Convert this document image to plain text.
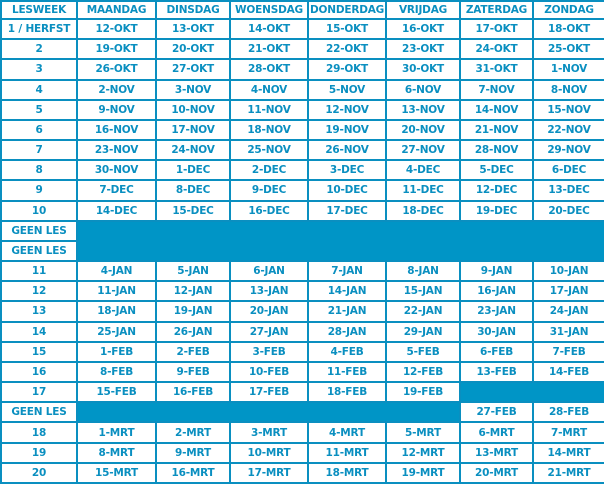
LESWEEK	MAANDAG	DINSDAG	WOENSDAG	DONDERDAG	VRIJDAG	ZATERDAG	ZONDAG
1 / HERFST	12-OKT	13-OKT	14-OKT	15-OKT	16-OKT	17-OKT	18-OKT
2	19-OKT	20-OKT	21-OKT	22-OKT	23-OKT	24-OKT	25-OKT
3	26-OKT	27-OKT	28-OKT	29-OKT	30-OKT	31-OKT	1-NOV
4	2-NOV	3-NOV	4-NOV	5-NOV	6-NOV	7-NOV	8-NOV
5	9-NOV	10-NOV	11-NOV	12-NOV	13-NOV	14-NOV	15-NOV
6	16-NOV	17-NOV	18-NOV	19-NOV	20-NOV	21-NOV	22-NOV
7	23-NOV	24-NOV	25-NOV	26-NOV	27-NOV	28-NOV	29-NOV
8	30-NOV	1-DEC	2-DEC	3-DEC	4-DEC	5-DEC	6-DEC
9	7-DEC	8-DEC	9-DEC	10-DEC	11-DEC	12-DEC	13-DEC
10	14-DEC	15-DEC	16-DEC	17-DEC	18-DEC	19-DEC	20-DEC
GEEN LES							
GEEN LES							
11	4-JAN	5-JAN	6-JAN	7-JAN	8-JAN	9-JAN	10-JAN
12	11-JAN	12-JAN	13-JAN	14-JAN	15-JAN	16-JAN	17-JAN
13	18-JAN	19-JAN	20-JAN	21-JAN	22-JAN	23-JAN	24-JAN
14	25-JAN	26-JAN	27-JAN	28-JAN	29-JAN	30-JAN	31-JAN
15	1-FEB	2-FEB	3-FEB	4-FEB	5-FEB	6-FEB	7-FEB
16	8-FEB	9-FEB	10-FEB	11-FEB	12-FEB	13-FEB	14-FEB
17	15-FEB	16-FEB	17-FEB	18-FEB	19-FEB		
GEEN LES						27-FEB	28-FEB
18	1-MRT	2-MRT	3-MRT	4-MRT	5-MRT	6-MRT	7-MRT
19	8-MRT	9-MRT	10-MRT	11-MRT	12-MRT	13-MRT	14-MRT
20	15-MRT	16-MRT	17-MRT	18-MRT	19-MRT	20-MRT	21-MRT
